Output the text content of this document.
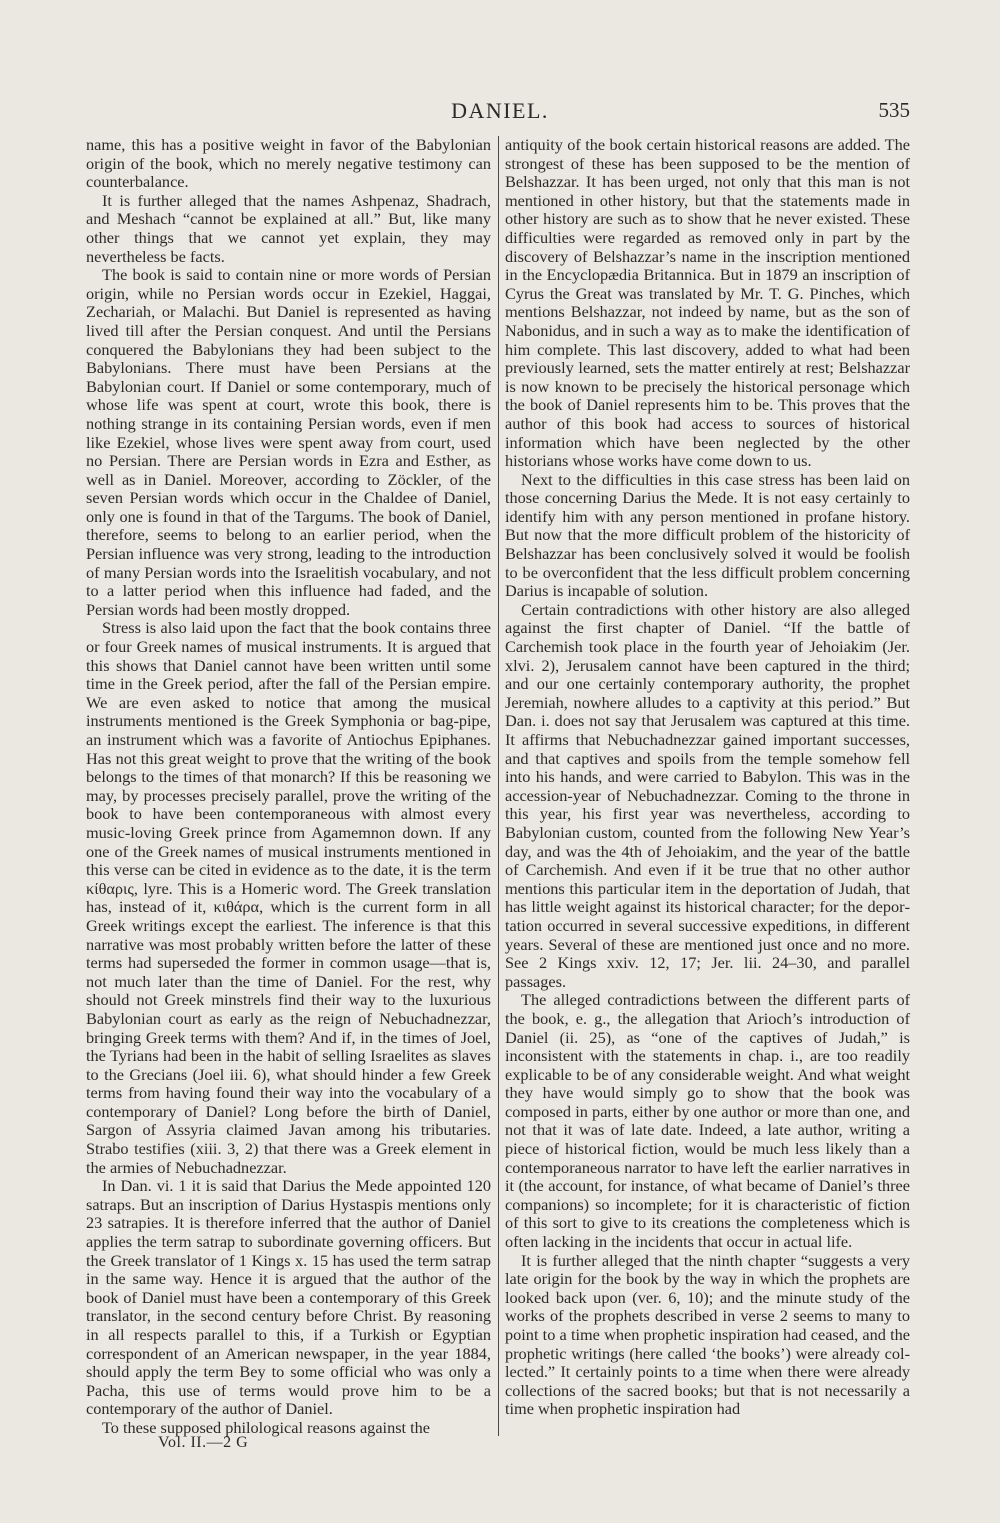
DANIEL.	535

name, this has a positive weight in favor of the Babylonian origin of the book, which no merely negative testimony can counterbalance.

It is further alleged that the names Ashpenaz, Shadrach, and Meshach “cannot be explained at all.” But, like many other things that we cannot yet explain, they may nevertheless be facts.

The book is said to contain nine or more words of Persian origin, while no Persian words occur in Ezekiel, Haggai, Zechariah, or Malachi. But Daniel is represented as having lived till after the Persian conquest. And until the Persians conquered the Babylonians they had been subject to the Babylonians. There must have been Persians at the Babylonian court. If Daniel or some contemporary, much of whose life was spent at court, wrote this book, there is nothing strange in its containing Persian words, even if men like Ezekiel, whose lives were spent away from court, used no Persian. There are Persian words in Ezra and Esther, as well as in Daniel. Moreover, according to Zöckler, of the seven Persian words which occur in the Chaldee of Daniel, only one is found in that of the Targums. The book of Daniel, therefore, seems to belong to an earlier period, when the Persian influence was very strong, leading to the introduction of many Persian words into the Israelitish vocabulary, and not to a latter period when this influence had faded, and the Persian words had been mostly dropped.

Stress is also laid upon the fact that the book contains three or four Greek names of musical instruments. It is argued that this shows that Daniel cannot have been written until some time in the Greek period, after the fall of the Persian empire. We are even asked to notice that among the musical instruments mentioned is the Greek Symphonia or bag-pipe, an instrument which was a favorite of Antiochus Epiphanes. Has not this great weight to prove that the writing of the book belongs to the times of that monarch? If this be reasoning we may, by processes precisely parallel, prove the writing of the book to have been contemporaneous with almost every music-loving Greek prince from Agamemnon down. If any one of the Greek names of musical instruments mentioned in this verse can be cited in evidence as to the date, it is the term κίθαρις, lyre. This is a Homeric word. The Greek translation has, instead of it, κιθάρα, which is the current form in all Greek writings except the earliest. The inference is that this narrative was most probably written before the latter of these terms had superseded the former in common usage—that is, not much later than the time of Daniel. For the rest, why should not Greek minstrels find their way to the luxurious Babylonian court as early as the reign of Nebuchadnezzar, bringing Greek terms with them? And if, in the times of Joel, the Tyrians had been in the habit of selling Israelites as slaves to the Grecians (Joel iii. 6), what should hinder a few Greek terms from having found their way into the vocabulary of a contemporary of Daniel? Long before the birth of Daniel, Sargon of Assyria claimed Javan among his tributaries. Strabo testifies (xiii. 3, 2) that there was a Greek element in the armies of Nebuchadnezzar.

In Dan. vi. 1 it is said that Darius the Mede appointed 120 satraps. But an inscription of Darius Hystaspis mentions only 23 satrapies. It is therefore inferred that the author of Daniel applies the term satrap to subordinate governing officers. But the Greek translator of 1 Kings x. 15 has used the term satrap in the same way. Hence it is argued that the author of the book of Daniel must have been a contemporary of this Greek translator, in the second century before Christ. By reasoning in all respects parallel to this, if a Turkish or Egyptian correspondent of an American newspaper, in the year 1884, should apply the term Bey to some official who was only a Pacha, this use of terms would prove him to be a contemporary of the author of Daniel.

To these supposed philological reasons against the

antiquity of the book certain historical reasons are added. The strongest of these has been supposed to be the mention of Belshazzar. It has been urged, not only that this man is not mentioned in other history, but that the statements made in other history are such as to show that he never existed. These difficulties were regarded as removed only in part by the discovery of Belshazzar’s name in the inscription mentioned in the Encyclopædia Britannica. But in 1879 an inscription of Cyrus the Great was translated by Mr. T. G. Pinches, which mentions Belshazzar, not indeed by name, but as the son of Nabonidus, and in such a way as to make the identification of him complete. This last discovery, added to what had been previously learned, sets the matter entirely at rest; Belshazzar is now known to be precisely the historical personage which the book of Daniel represents him to be. This proves that the author of this book had access to sources of historical information which have been neglected by the other historians whose works have come down to us.

Next to the difficulties in this case stress has been laid on those concerning Darius the Mede. It is not easy certainly to identify him with any person mentioned in profane history. But now that the more difficult problem of the historicity of Belshazzar has been conclusively solved it would be foolish to be overconfident that the less difficult problem concerning Darius is incapable of solution.

Certain contradictions with other history are also alleged against the first chapter of Daniel. “If the battle of Carchemish took place in the fourth year of Jehoiakim (Jer. xlvi. 2), Jerusalem cannot have been captured in the third; and our one certainly contemporary authority, the prophet Jeremiah, nowhere alludes to a captivity at this period.” But Dan. i. does not say that Jerusalem was captured at this time. It affirms that Nebuchadnezzar gained important successes, and that captives and spoils from the temple somehow fell into his hands, and were carried to Babylon. This was in the accession-year of Nebuchadnezzar. Coming to the throne in this year, his first year was nevertheless, according to Babylonian custom, counted from the following New Year’s day, and was the 4th of Jehoiakim, and the year of the battle of Carchemish. And even if it be true that no other author mentions this particular item in the deportation of Judah, that has little weight against its historical character; for the deportation occurred in several successive expeditions, in different years. Several of these are mentioned just once and no more. See 2 Kings xxiv. 12, 17; Jer. lii. 24–30, and parallel passages.

The alleged contradictions between the different parts of the book, e. g., the allegation that Arioch’s introduction of Daniel (ii. 25), as “one of the captives of Judah,” is inconsistent with the statements in chap. i., are too readily explicable to be of any considerable weight. And what weight they have would simply go to show that the book was composed in parts, either by one author or more than one, and not that it was of late date. Indeed, a late author, writing a piece of historical fiction, would be much less likely than a contemporaneous narrator to have left the earlier narratives in it (the account, for instance, of what became of Daniel’s three companions) so incomplete; for it is characteristic of fiction of this sort to give to its creations the completeness which is often lacking in the incidents that occur in actual life.

It is further alleged that the ninth chapter “suggests a very late origin for the book by the way in which the prophets are looked back upon (ver. 6, 10); and the minute study of the works of the prophets described in verse 2 seems to many to point to a time when prophetic inspiration had ceased, and the prophetic writings (here called ‘the books’) were already collected.” It certainly points to a time when there were already collections of the sacred books; but that is not necessarily a time when prophetic inspiration had

Vol. II.—2 G
